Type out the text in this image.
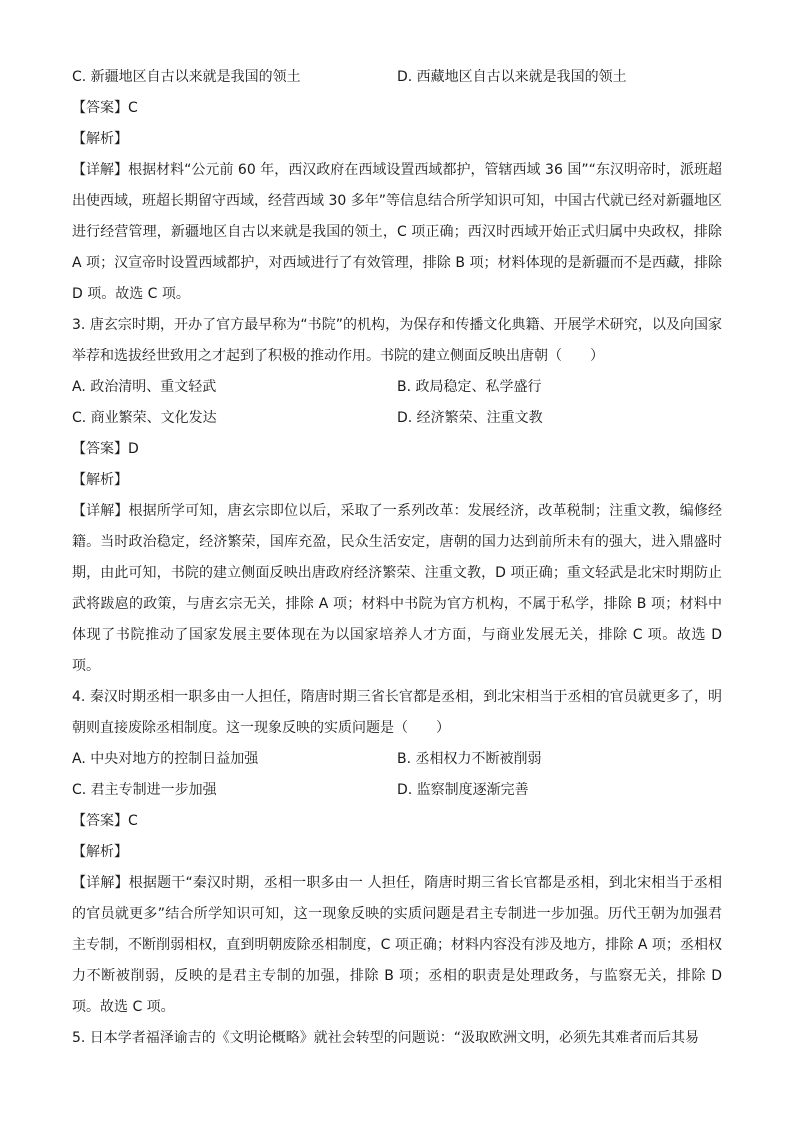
C. 新疆地区自古以来就是我国的领土	D. 西藏地区自古以来就是我国的领土
【答案】C
【解析】

【详解】根据材料“公元前 60 年，西汉政府在西域设置西域都护，管辖西域 36 国”“东汉明帝时，派班超出使西域，班超长期留守西域，经营西域 30 多年”等信息结合所学知识可知，中国古代就已经对新疆地区进行经营管理，新疆地区自古以来就是我国的领土，C 项正确；西汉时西域开始正式归属中央政权，排除 A 项；汉宣帝时设置西域都护，对西域进行了有效管理，排除 B 项；材料体现的是新疆而不是西藏，排除 D 项。故选 C 项。

3. 唐玄宗时期，开办了官方最早称为“书院”的机构，为保存和传播文化典籍、开展学术研究，以及向国家举荐和选拔经世致用之才起到了积极的推动作用。书院的建立侧面反映出唐朝（　　）

A. 政治清明、重文轻武	B. 政局稳定、私学盛行
C. 商业繁荣、文化发达	D. 经济繁荣、注重文教
【答案】D
【解析】

【详解】根据所学可知，唐玄宗即位以后，采取了一系列改革：发展经济，改革税制；注重文教，编修经籍。当时政治稳定，经济繁荣，国库充盈，民众生活安定，唐朝的国力达到前所未有的强大，进入鼎盛时期，由此可知，书院的建立侧面反映出唐政府经济繁荣、注重文教，D 项正确；重文轻武是北宋时期防止武将跋扈的政策，与唐玄宗无关，排除 A 项；材料中书院为官方机构，不属于私学，排除 B 项；材料中体现了书院推动了国家发展主要体现在为以国家培养人才方面，与商业发展无关，排除 C 项。故选 D 项。

4. 秦汉时期丞相一职多由一人担任，隋唐时期三省长官都是丞相，到北宋相当于丞相的官员就更多了，明朝则直接废除丞相制度。这一现象反映的实质问题是（　　）

A. 中央对地方的控制日益加强	B. 丞相权力不断被削弱
C. 君主专制进一步加强	D. 监察制度逐渐完善
【答案】C
【解析】

【详解】根据题干“秦汉时期，丞相一职多由一 人担任，隋唐时期三省长官都是丞相，到北宋相当于丞相的官员就更多”结合所学知识可知，这一现象反映的实质问题是君主专制进一步加强。历代王朝为加强君主专制，不断削弱相权，直到明朝废除丞相制度，C 项正确；材料内容没有涉及地方，排除 A 项；丞相权力不断被削弱，反映的是君主专制的加强，排除 B 项；丞相的职责是处理政务，与监察无关，排除 D 项。故选 C 项。

5. 日本学者福泽谕吉的《文明论概略》就社会转型的问题说：“汲取欧洲文明，必须先其难者而后其易
